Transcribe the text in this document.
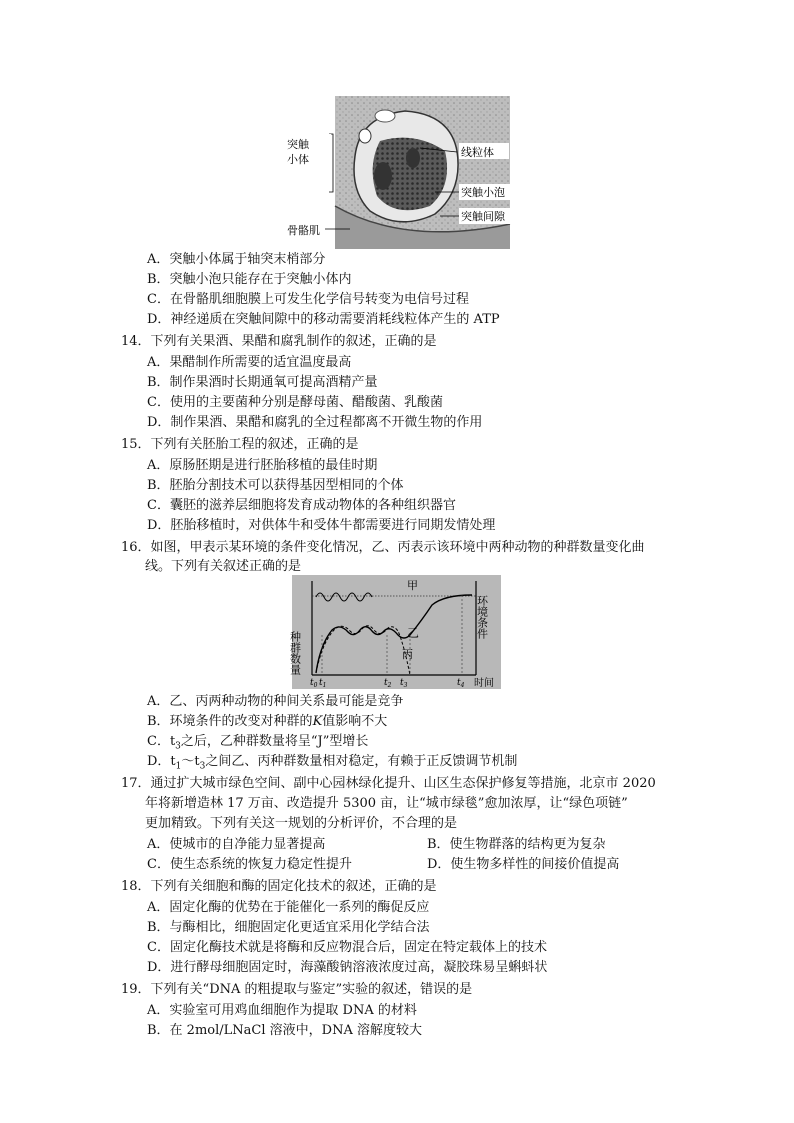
突触
小体
线粒体
突触小泡
突触间隙
骨骼肌
A．突触小体属于轴突末梢部分
B．突触小泡只能存在于突触小体内
C．在骨骼肌细胞膜上可发生化学信号转变为电信号过程
D．神经递质在突触间隙中的移动需要消耗线粒体产生的 ATP
14．下列有关果酒、果醋和腐乳制作的叙述，正确的是
A．果醋制作所需要的适宜温度最高
B．制作果酒时长期通氧可提高酒精产量
C．使用的主要菌种分别是酵母菌、醋酸菌、乳酸菌
D．制作果酒、果醋和腐乳的全过程都离不开微生物的作用
15．下列有关胚胎工程的叙述，正确的是
A．原肠胚期是进行胚胎移植的最佳时期
B．胚胎分割技术可以获得基因型相同的个体
C．囊胚的滋养层细胞将发育成动物体的各种组织器官
D．胚胎移植时，对供体牛和受体牛都需要进行同期发情处理
16．如图，甲表示某环境的条件变化情况，乙、丙表示该环境中两种动物的种群数量变化曲
线。下列有关叙述正确的是
种群数量
环境条件
甲
乙
丙
$t_0$ $t_1$	$t_2$ $t_3$	$t_4$ 时间
A．乙、丙两种动物的种间关系最可能是竞争
B．环境条件的改变对种群的K值影响不大
C．$t_3$之后，乙种群数量将呈“J”型增长
D．$t_1\sim t_3$之间乙、丙种群数量相对稳定，有赖于正反馈调节机制
17．通过扩大城市绿色空间、副中心园林绿化提升、山区生态保护修复等措施，北京市 2020
年将新增造林 17 万亩、改造提升 5300 亩，让“城市绿毯”愈加浓厚，让“绿色项链”
更加精致。下列有关这一规划的分析评价，不合理的是
A．使城市的自净能力显著提高	B．使生物群落的结构更为复杂
C．使生态系统的恢复力稳定性提升	D．使生物多样性的间接价值提高
18．下列有关细胞和酶的固定化技术的叙述，正确的是
A．固定化酶的优势在于能催化一系列的酶促反应
B．与酶相比，细胞固定化更适宜采用化学结合法
C．固定化酶技术就是将酶和反应物混合后，固定在特定载体上的技术
D．进行酵母细胞固定时，海藻酸钠溶液浓度过高，凝胶珠易呈蝌蚪状
19．下列有关“DNA 的粗提取与鉴定”实验的叙述，错误的是
A．实验室可用鸡血细胞作为提取 DNA 的材料
B．在 2mol/LNaCl 溶液中，DNA 溶解度较大
